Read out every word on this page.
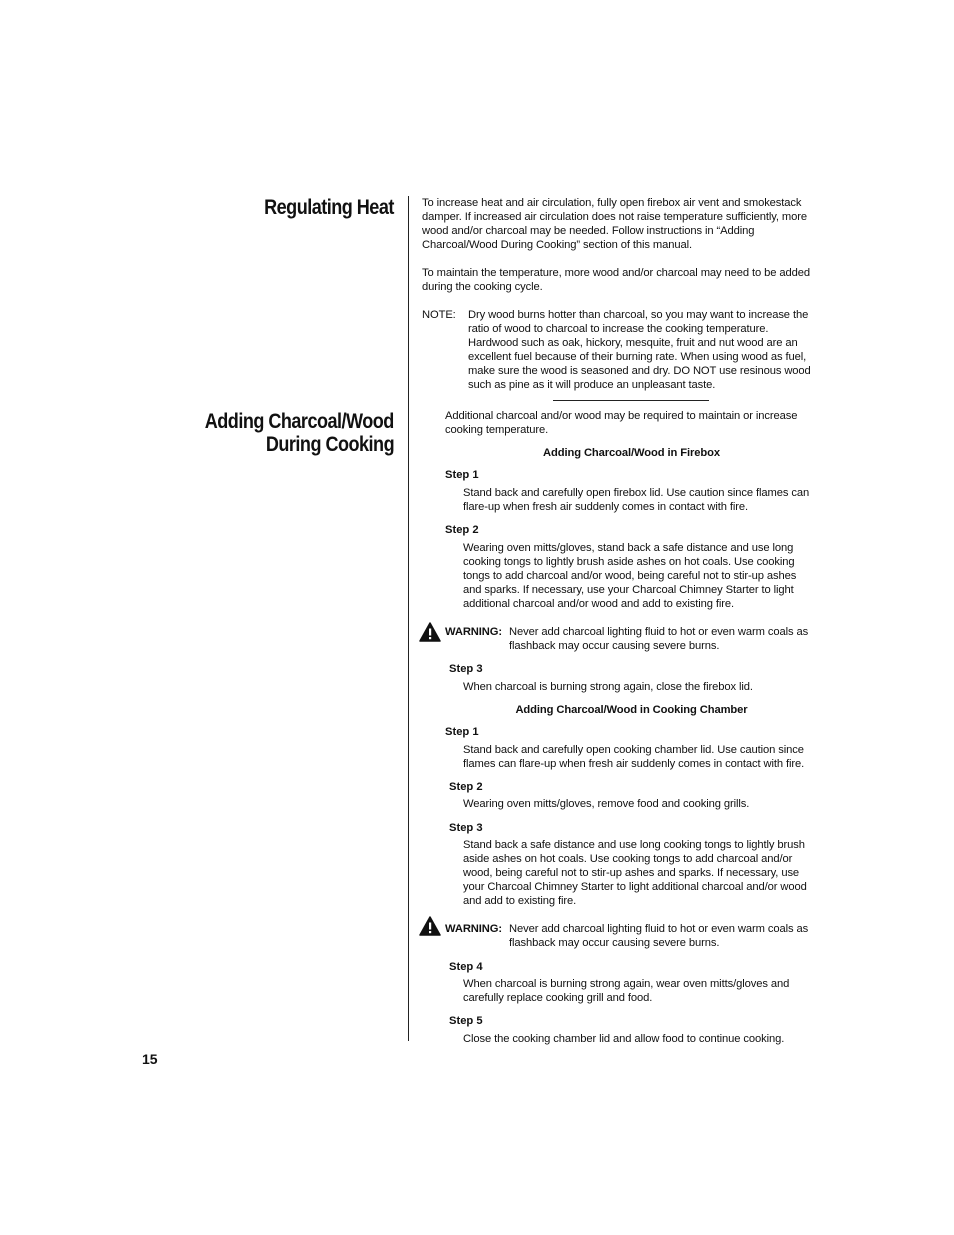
Regulating Heat
Adding Charcoal/Wood
During Cooking

To increase heat and air circulation, fully open firebox air vent and smokestack damper. If increased air circulation does not raise temperature sufficiently, more wood and/or charcoal may be needed. Follow instructions in “Adding Charcoal/Wood During Cooking” section of this manual.

To maintain the temperature, more wood and/or charcoal may need to be added during the cooking cycle.

NOTE: Dry wood burns hotter than charcoal, so you may want to increase the ratio of wood to charcoal to increase the cooking temperature. Hardwood such as oak, hickory, mesquite, fruit and nut wood are an excellent fuel because of their burning rate. When using wood as fuel, make sure the wood is seasoned and dry. DO NOT use resinous wood such as pine as it will produce an unpleasant taste.

Additional charcoal and/or wood may be required to maintain or increase cooking temperature.

Adding Charcoal/Wood in Firebox

Step 1

Stand back and carefully open firebox lid. Use caution since flames can flare-up when fresh air suddenly comes in contact with fire.

Step 2

Wearing oven mitts/gloves, stand back a safe distance and use long cooking tongs to lightly brush aside ashes on hot coals. Use cooking tongs to add charcoal and/or wood, being careful not to stir-up ashes and sparks. If necessary, use your Charcoal Chimney Starter to light additional charcoal and/or wood and add to existing fire.

WARNING: Never add charcoal lighting fluid to hot or even warm coals as flashback may occur causing severe burns.

Step 3

When charcoal is burning strong again, close the firebox lid.

Adding Charcoal/Wood in Cooking Chamber

Step 1

Stand back and carefully open cooking chamber lid. Use caution since flames can flare-up when fresh air suddenly comes in contact with fire.

Step 2

Wearing oven mitts/gloves, remove food and cooking grills.

Step 3

Stand back a safe distance and use long cooking tongs to lightly brush aside ashes on hot coals. Use cooking tongs to add charcoal and/or wood, being careful not to stir-up ashes and sparks. If necessary, use your Charcoal Chimney Starter to light additional charcoal and/or wood and add to existing fire.

WARNING: Never add charcoal lighting fluid to hot or even warm coals as flashback may occur causing severe burns.

Step 4

When charcoal is burning strong again, wear oven mitts/gloves and carefully replace cooking grill and food.

Step 5

Close the cooking chamber lid and allow food to continue cooking.

15
